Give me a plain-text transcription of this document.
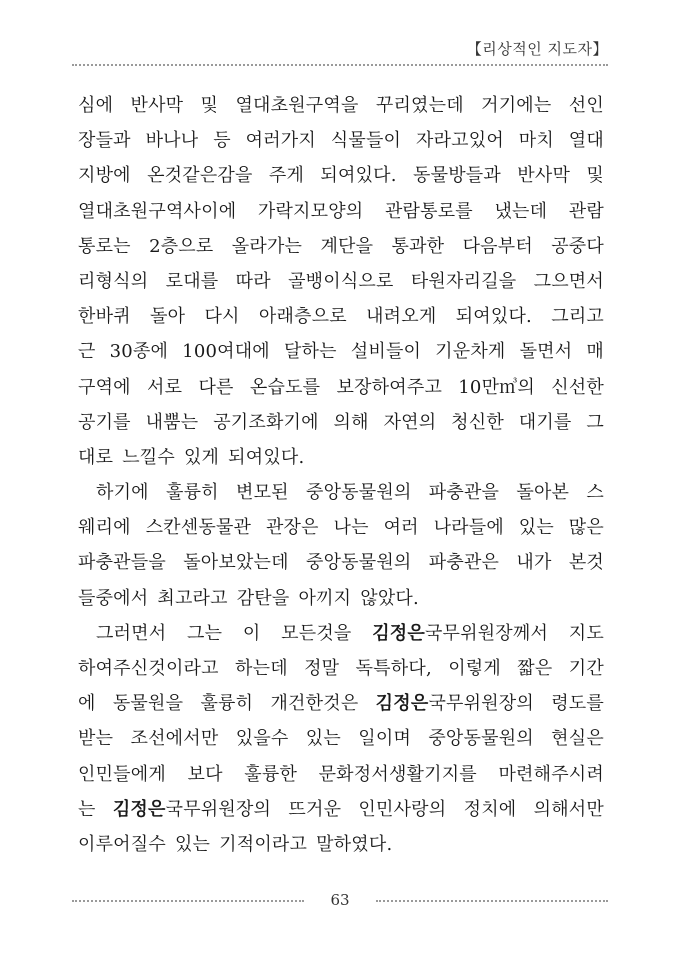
【리상적인 지도자】
심에 반사막 및 열대초원구역을 꾸리였는데 거기에는 선인
장들과 바나나 등 여러가지 식물들이 자라고있어 마치 열대
지방에 온것같은감을 주게 되여있다. 동물방들과 반사막 및
열대초원구역사이에 가락지모양의 관람통로를 냈는데 관람
통로는 2층으로 올라가는 계단을 통과한 다음부터 공중다
리형식의 로대를 따라 골뱅이식으로 타원자리길을 그으면서
한바퀴 돌아 다시 아래층으로 내려오게 되여있다. 그리고
근 30종에 100여대에 달하는 설비들이 기운차게 돌면서 매
구역에 서로 다른 온습도를 보장하여주고 10만㎥의 신선한
공기를 내뿜는 공기조화기에 의해 자연의 청신한 대기를 그
대로 느낄수 있게 되여있다.
하기에 훌륭히 변모된 중앙동물원의 파충관을 돌아본 스
웨리에 스칸센동물관 관장은 나는 여러 나라들에 있는 많은
파충관들을 돌아보았는데 중앙동물원의 파충관은 내가 본것
들중에서 최고라고 감탄을 아끼지 않았다.
그러면서 그는 이 모든것을 김정은국무위원장께서 지도
하여주신것이라고 하는데 정말 독특하다, 이렇게 짧은 기간
에 동물원을 훌륭히 개건한것은 김정은국무위원장의 령도를
받는 조선에서만 있을수 있는 일이며 중앙동물원의 현실은
인민들에게 보다 훌륭한 문화정서생활기지를 마련해주시려
는 김정은국무위원장의 뜨거운 인민사랑의 정치에 의해서만
이루어질수 있는 기적이라고 말하였다.
63
